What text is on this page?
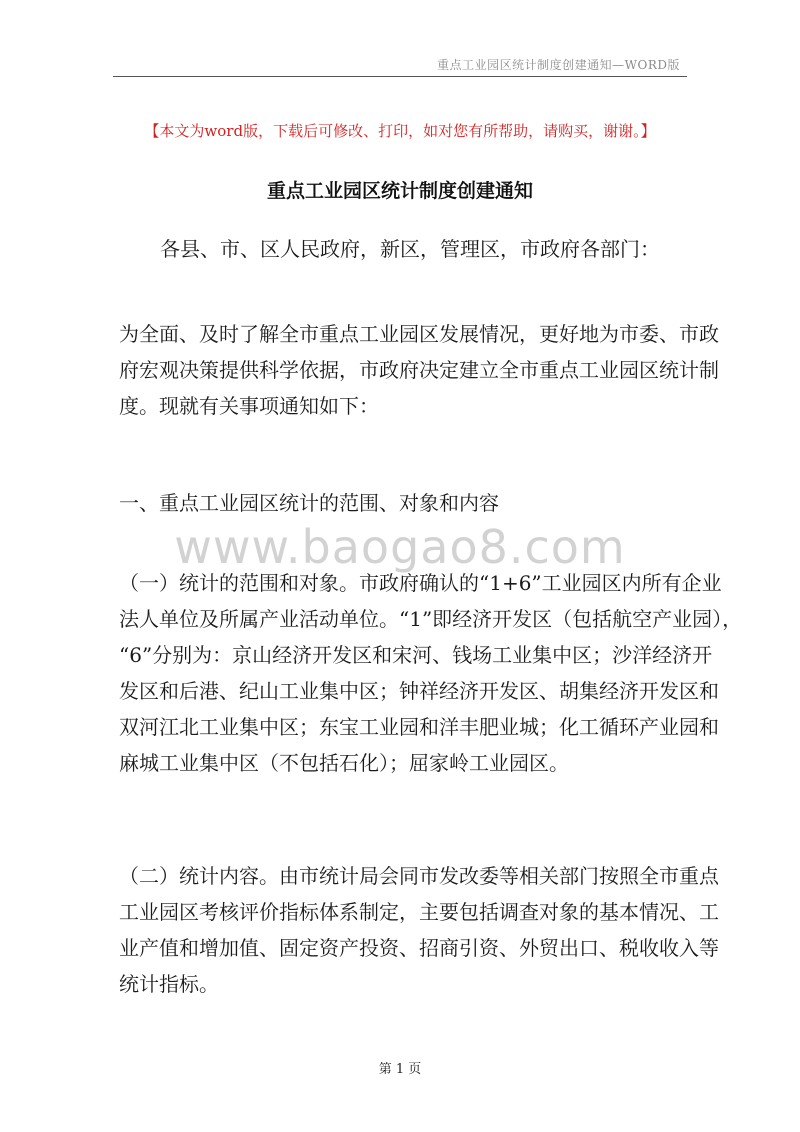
重点工业园区统计制度创建通知—WORD版
【本文为word版，下载后可修改、打印，如对您有所帮助，请购买，谢谢。】
重点工业园区统计制度创建通知
各县、市、区人民政府，新区，管理区，市政府各部门：
为全面、及时了解全市重点工业园区发展情况，更好地为市委、市政
府宏观决策提供科学依据，市政府决定建立全市重点工业园区统计制
度。现就有关事项通知如下：
一、重点工业园区统计的范围、对象和内容
www.baogao8.com
（一）统计的范围和对象。市政府确认的“1+6”工业园区内所有企业
法人单位及所属产业活动单位。“1”即经济开发区（包括航空产业园），
“6”分别为：京山经济开发区和宋河、钱场工业集中区；沙洋经济开
发区和后港、纪山工业集中区；钟祥经济开发区、胡集经济开发区和
双河江北工业集中区；东宝工业园和洋丰肥业城；化工循环产业园和
麻城工业集中区（不包括石化）；屈家岭工业园区。
（二）统计内容。由市统计局会同市发改委等相关部门按照全市重点
工业园区考核评价指标体系制定，主要包括调查对象的基本情况、工
业产值和增加值、固定资产投资、招商引资、外贸出口、税收收入等
统计指标。
第 1 页
